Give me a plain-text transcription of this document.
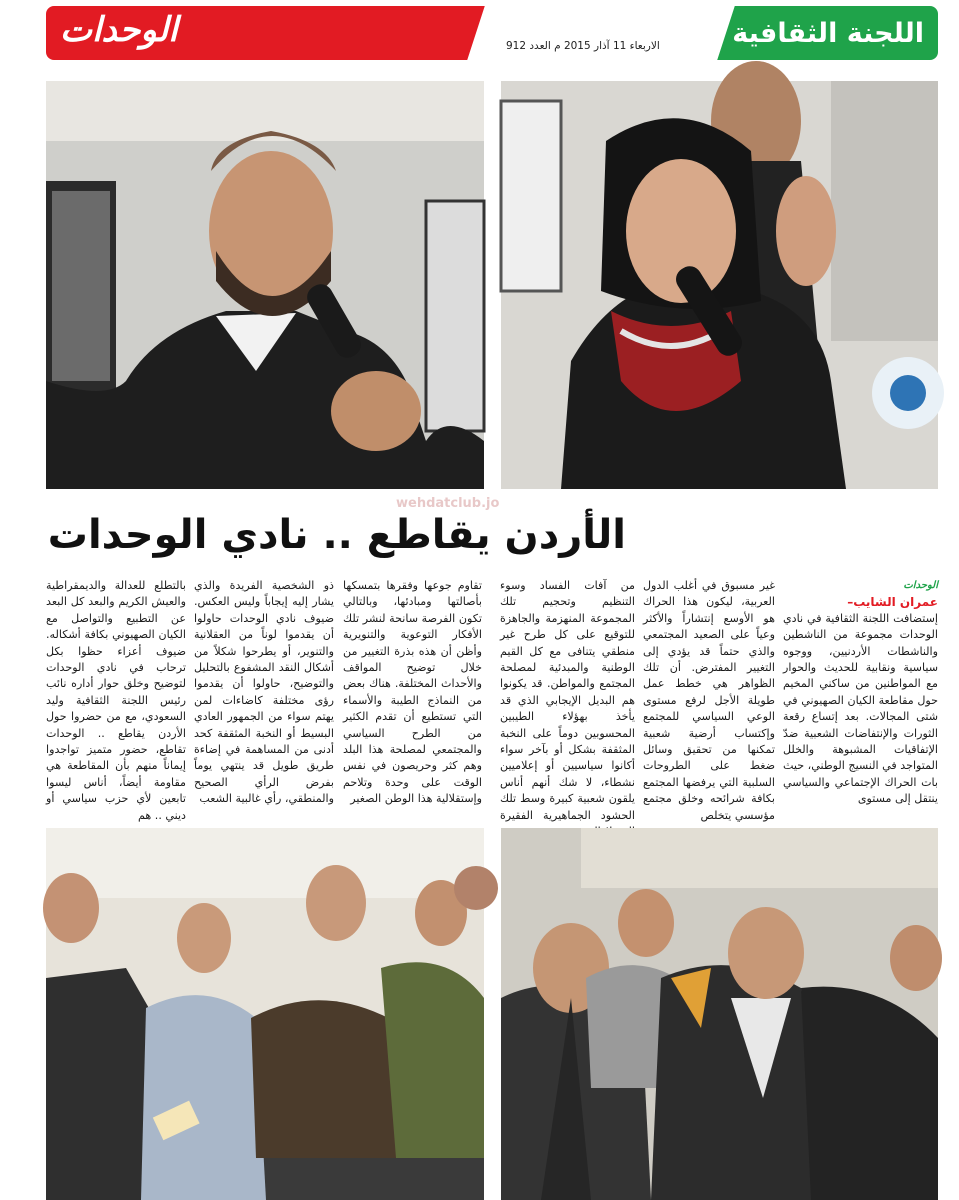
الوحدات	الاربعاء 11 آذار 2015 م العدد 912	اللجنة الثقافية 12
wehdatclub.jo
الأردن يقاطع .. نادي الوحدات
الوحدات
عمران الشايب–

إستضافت اللجنة الثقافية في نادي الوحدات مجموعة من الناشطين والناشطات الأردنيين، ووجوه سياسية ونقابية للحديث والحوار مع المواطنين من ساكني المخيم حول مقاطعة الكيان الصهيوني في شتى المجالات. بعد إتساع رقعة الثورات والإنتفاضات الشعبية ضدّ الإتفاقيات المشبوهة والخلل المتواجد في النسيج الوطني، حيث بات الحراك الإجتماعي والسياسي ينتقل إلى مستوى

غير مسبوق في أغلب الدول العربية، ليكون هذا الحراك هو الأوسع إنتشاراً والأكثر وعياً على الصعيد المجتمعي والذي حتماً قد يؤدي إلى التغيير المفترض. أن تلك الظواهر هي خطط عمل طويلة الأجل لرفع مستوى الوعي السياسي للمجتمع وإكتساب أرضية شعبية تمكنها من تحقيق وسائل ضغط على الطروحات السلبية التي يرفضها المجتمع بكافة شرائحه وخلق مجتمع مؤسسي يتخلص

من آفات الفساد وسوء التنظيم وتحجيم تلك المجموعة المنهزمة والجاهزة للتوقيع على كل طرح غير منطقي يتنافى مع كل القيم الوطنية والمبدئية لمصلحة المجتمع والمواطن. قد يكونوا هم البديل الإيجابي الذي قد يأخذ بهؤلاء الطيبين المحسوبين دوماً على النخبة المثقفة بشكل أو بآخر سواء أكانوا سياسيين أو إعلاميين نشطاء، لا شك أنهم أناس يلقون شعبية كبيرة وسط تلك الحشود الجماهيرية الفقيرة

تقاوم جوعها وفقرها بتمسكها بأصالتها ومبادئها، وبالتالي تكون الفرصة سانحة لنشر تلك الأفكار التوعوية والتنويرية وأظن أن هذه بذرة التغيير من خلال توضيح المواقف والأحداث المختلفة. هناك بعض من النماذج الطيبة والأسماء التي تستطيع أن تقدم الكثير من الطرح السياسي والمجتمعي لمصلحة هذا البلد وهم كثر وحريصون في نفس الوقت على وحدة وتلاحم وإستقلالية هذا الوطن الصغير

ذو الشخصية الفريدة والذي يشار إليه إيجاباً وليس العكس. ضيوف نادي الوحدات حاولوا أن يقدموا لوناً من العقلانية والتنوير، أو يطرحوا شكلاً من أشكال النقد المشفوع بالتحليل والتوضيح، حاولوا أن يقدموا رؤى مختلفة كاضاءات لمن يهتم سواء من الجمهور العادي البسيط أو النخبة المثقفة كحد أدنى من المساهمة في إضاءة طريق طويل قد ينتهي يوماً بفرض الرأي الصحيح والمنطقي، رأي غالبية الشعب

بالتطلع للعدالة والديمقراطية والعيش الكريم والبعد كل البعد عن التطبيع والتواصل مع الكيان الصهيوني بكافة أشكاله. ضيوف أعزاء حظوا بكل ترحاب في نادي الوحدات لتوضيح وخلق حوار أداره نائب رئيس اللجنة الثقافية وليد السعودي، مع من حضروا حول الأردن يقاطع .. الوحدات تقاطع، حضور متميز تواجدوا إيماناً منهم بأن المقاطعة هي مقاومة أيضاً، أناس ليسوا تابعين لأي حزب سياسي أو ديني .. هم
